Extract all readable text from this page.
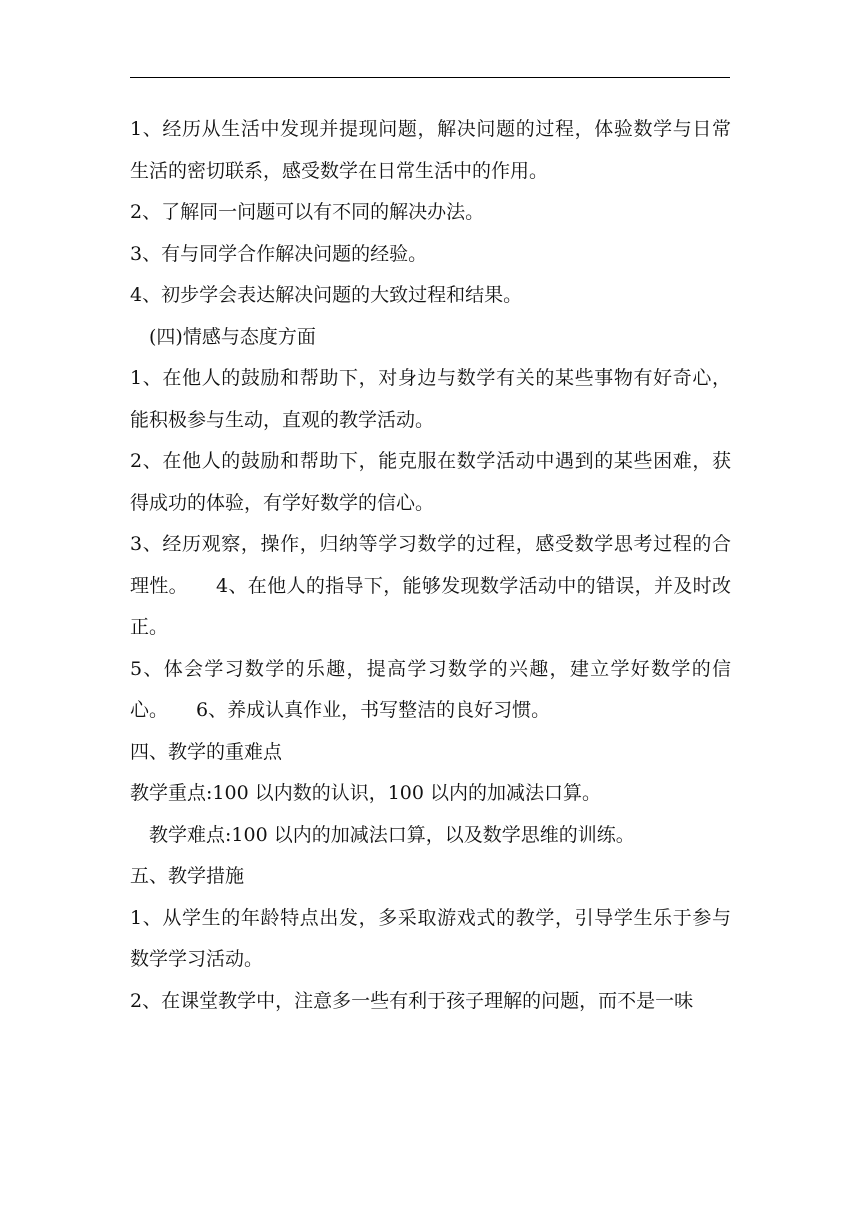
1、经历从生活中发现并提现问题，解决问题的过程，体验数学与日常生活的密切联系，感受数学在日常生活中的作用。

2、了解同一问题可以有不同的解决办法。

3、有与同学合作解决问题的经验。

4、初步学会表达解决问题的大致过程和结果。

(四)情感与态度方面

1、在他人的鼓励和帮助下，对身边与数学有关的某些事物有好奇心，能积极参与生动，直观的教学活动。

2、在他人的鼓励和帮助下，能克服在数学活动中遇到的某些困难，获得成功的体验，有学好数学的信心。

3、经历观察，操作，归纳等学习数学的过程，感受数学思考过程的合理性。 4、在他人的指导下，能够发现数学活动中的错误，并及时改正。

5、体会学习数学的乐趣，提高学习数学的兴趣，建立学好数学的信心。 6、养成认真作业，书写整洁的良好习惯。

四、教学的重难点

教学重点:100 以内数的认识，100 以内的加减法口算。

教学难点:100 以内的加减法口算，以及数学思维的训练。

五、教学措施

1、从学生的年龄特点出发，多采取游戏式的教学，引导学生乐于参与数学学习活动。

2、在课堂教学中，注意多一些有利于孩子理解的问题，而不是一味
